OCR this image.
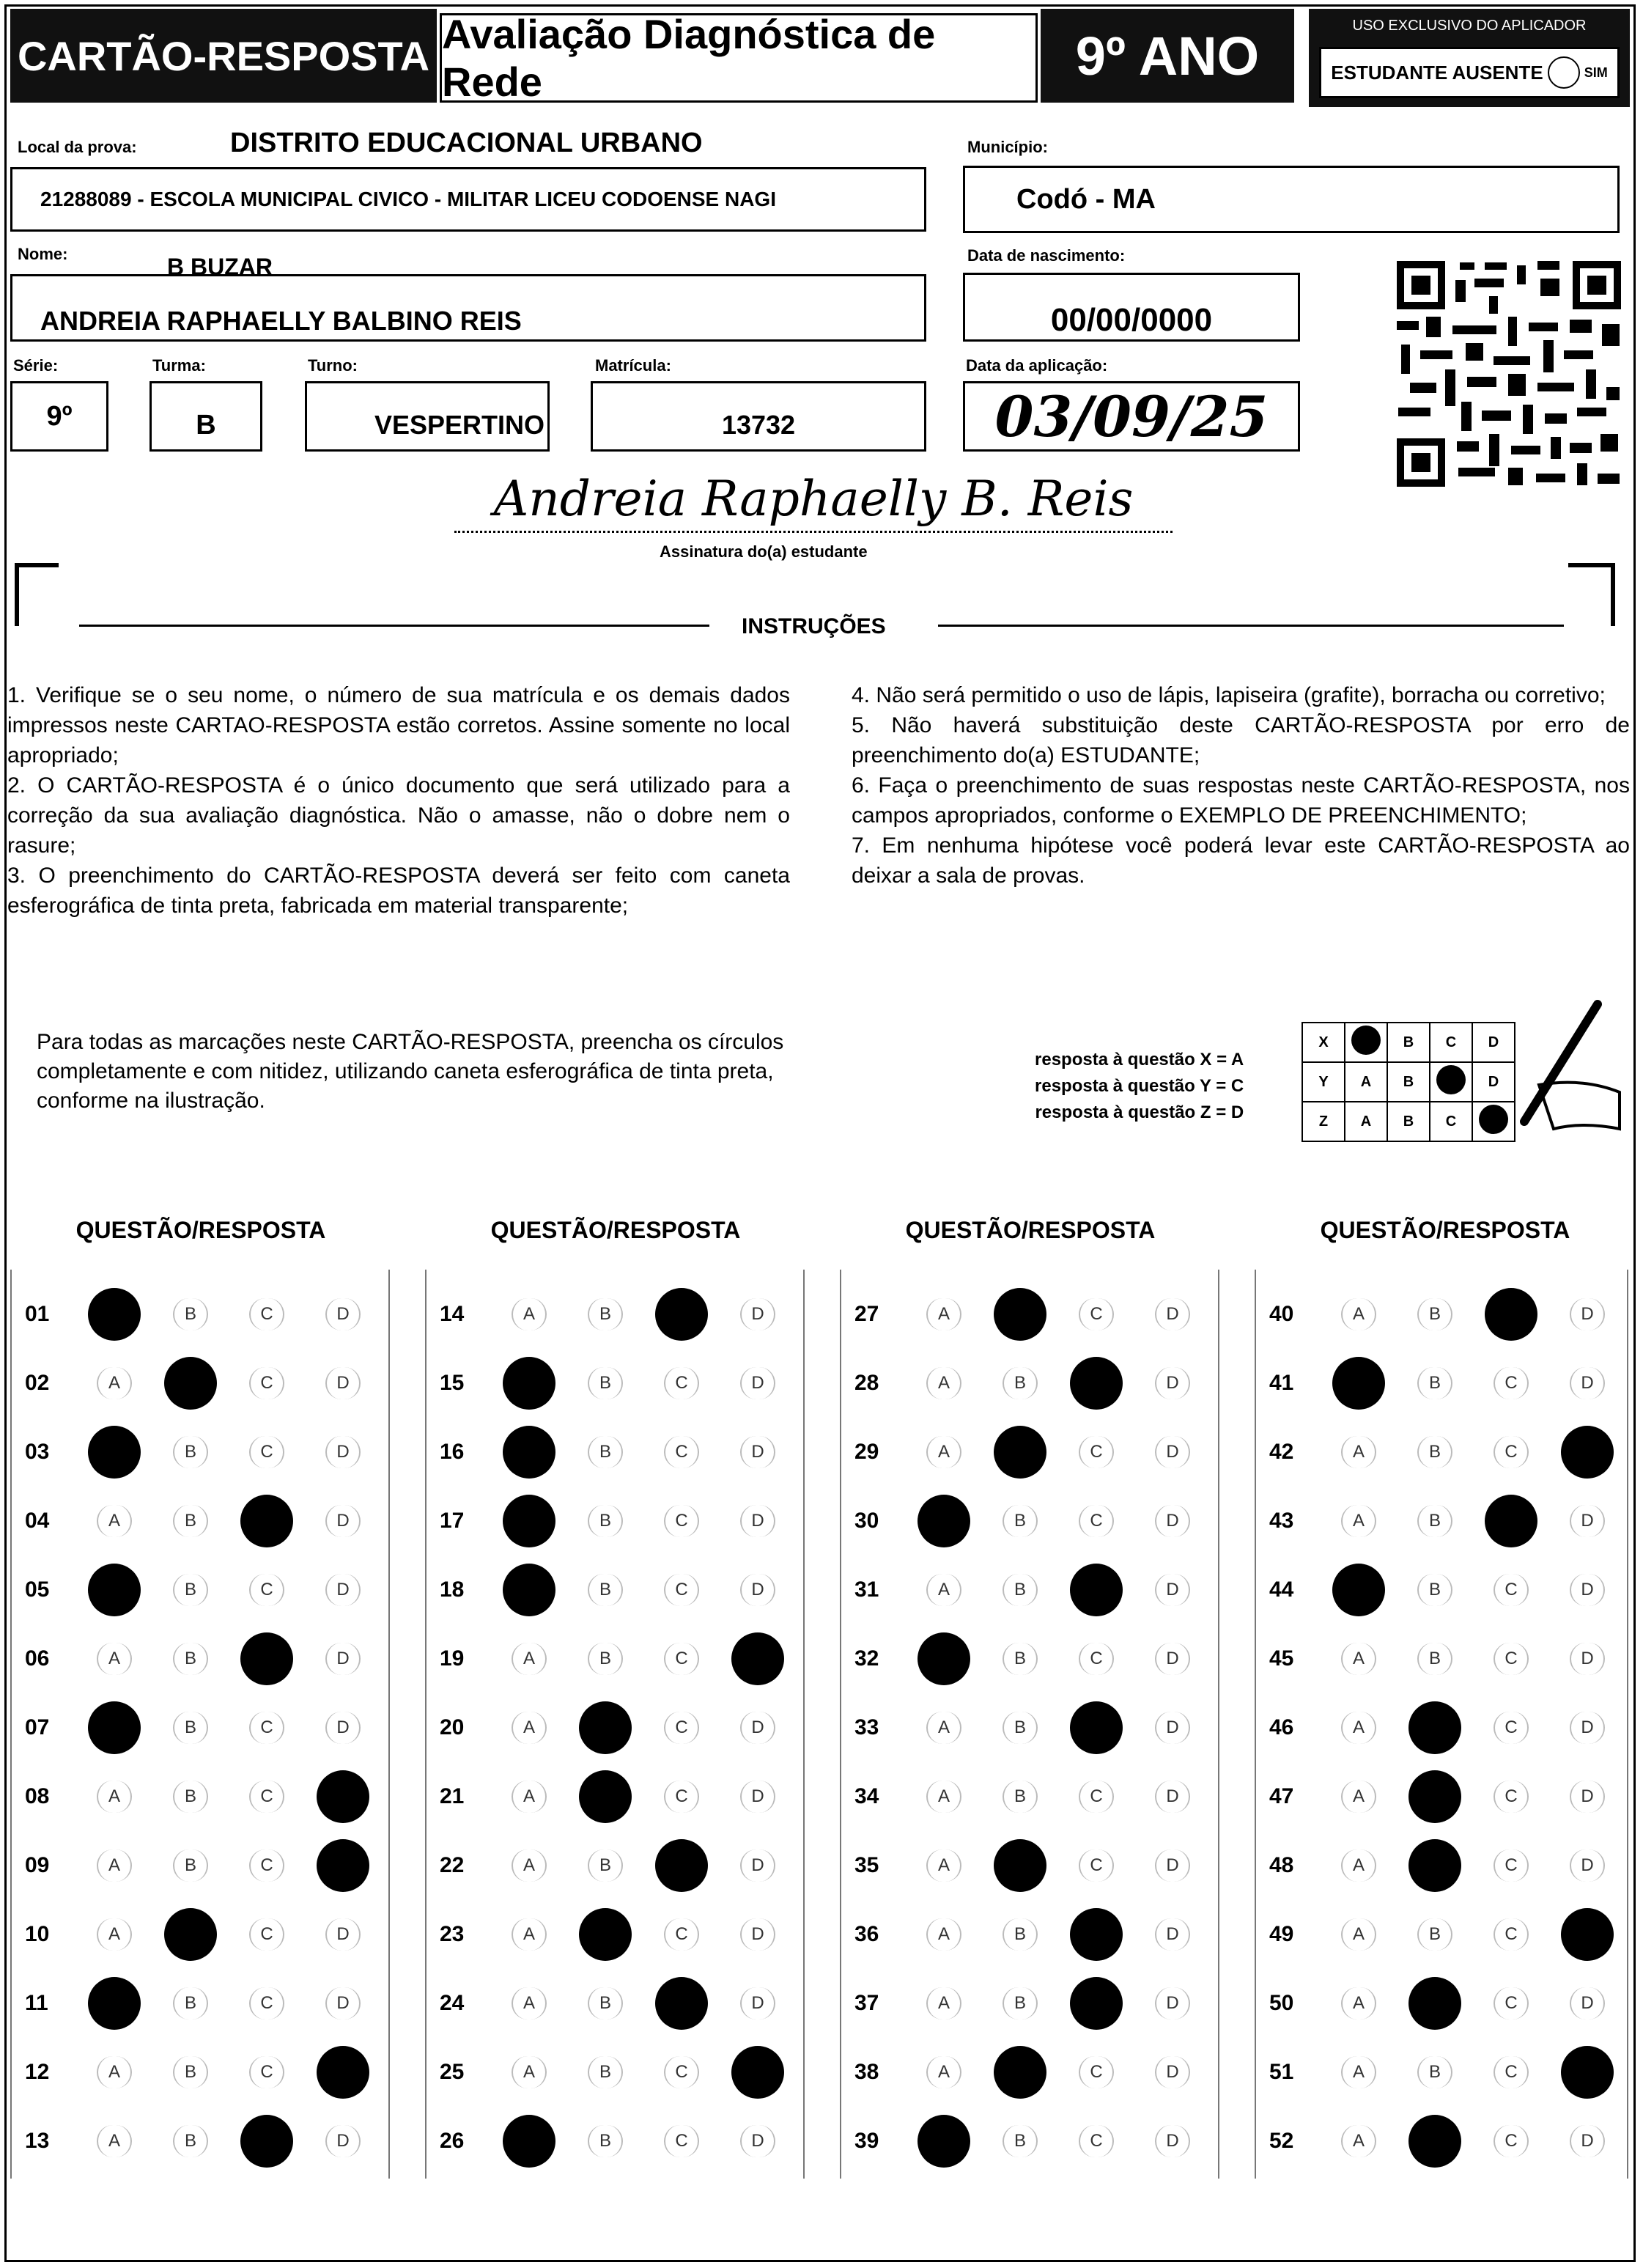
CARTÃO-RESPOSTA Avaliação Diagnóstica de Rede	9º ANO	USO EXCLUSIVO DO APLICADOR
ESTUDANTE AUSENTE	SIM
Local da prova:	DISTRITO EDUCACIONAL URBANO
21288089 - ESCOLA MUNICIPAL CIVICO - MILITAR LICEU CODOENSE NAGI
Município:
Codó - MA
Nome:	B BUZAR
ANDREIA RAPHAELLY BALBINO REIS
Data de nascimento:
00/00/0000
Série:
9º
Turma:
B
Turno:
VESPERTINO
Matrícula:
13732
Data da aplicação:
03/09/25
Andreia Raphaelly B. Reis
Assinatura do(a) estudante
INSTRUÇÕES

1. Verifique se o seu nome, o número de sua matrícula e os demais dados impressos neste CARTAO-RESPOSTA estão corretos. Assine somente no local apropriado;

2. O CARTÃO-RESPOSTA é o único documento que será utilizado para a correção da sua avaliação diagnóstica. Não o amasse, não o dobre nem o rasure;

3. O preenchimento do CARTÃO-RESPOSTA deverá ser feito com caneta esferográfica de tinta preta, fabricada em material transparente;

4. Não será permitido o uso de lápis, lapiseira (grafite), borracha ou corretivo;

5. Não haverá substituição deste CARTÃO-RESPOSTA por erro de preenchimento do(a) ESTUDANTE;

6. Faça o preenchimento de suas respostas neste CARTÃO-RESPOSTA, nos campos apropriados, conforme o EXEMPLO DE PREENCHIMENTO;

7. Em nenhuma hipótese você poderá levar este CARTÃO-RESPOSTA ao deixar a sala de provas.

Para todas as marcações neste CARTÃO-RESPOSTA, preencha os círculos completamente e com nitidez, utilizando caneta esferográfica de tinta preta, conforme na ilustração.
resposta à questão X = A
resposta à questão Y = C
resposta à questão Z = D
X		B	C	D
Y	A	B		D
Z	A	B	C	
QUESTÃO/RESPOSTA	QUESTÃO/RESPOSTA	QUESTÃO/RESPOSTA	QUESTÃO/RESPOSTA
01	B	C	D
02	A	C	D
03	B	C	D
04	A	B	D
05	B	C	D
06	A	B	D
07	B	C	D
08	A	B	C
09	A	B	C
10	A	C	D
11	B	C	D
12	A	B	C
13	A	B	D
14	A	B	D
15	B	C	D
16	B	C	D
17	B	C	D
18	B	C	D
19	A	B	C
20	A	C	D
21	A	C	D
22	A	B	D
23	A	C	D
24	A	B	D
25	A	B	C
26	B	C	D
27	A	C	D
28	A	B	D
29	A	C	D
30	B	C	D
31	A	B	D
32	B	C	D
33	A	B	D
34	A	B	C	D
35	A	C	D
36	A	B	D
37	A	B	D
38	A	C	D
39	B	C	D
40	A	B	D
41	B	C	D
42	A	B	C
43	A	B	D
44	B	C	D
45	A	B	C	D
46	A	C	D
47	A	C	D
48	A	C	D
49	A	B	C
50	A	C	D
51	A	B	C
52	A	C	D
